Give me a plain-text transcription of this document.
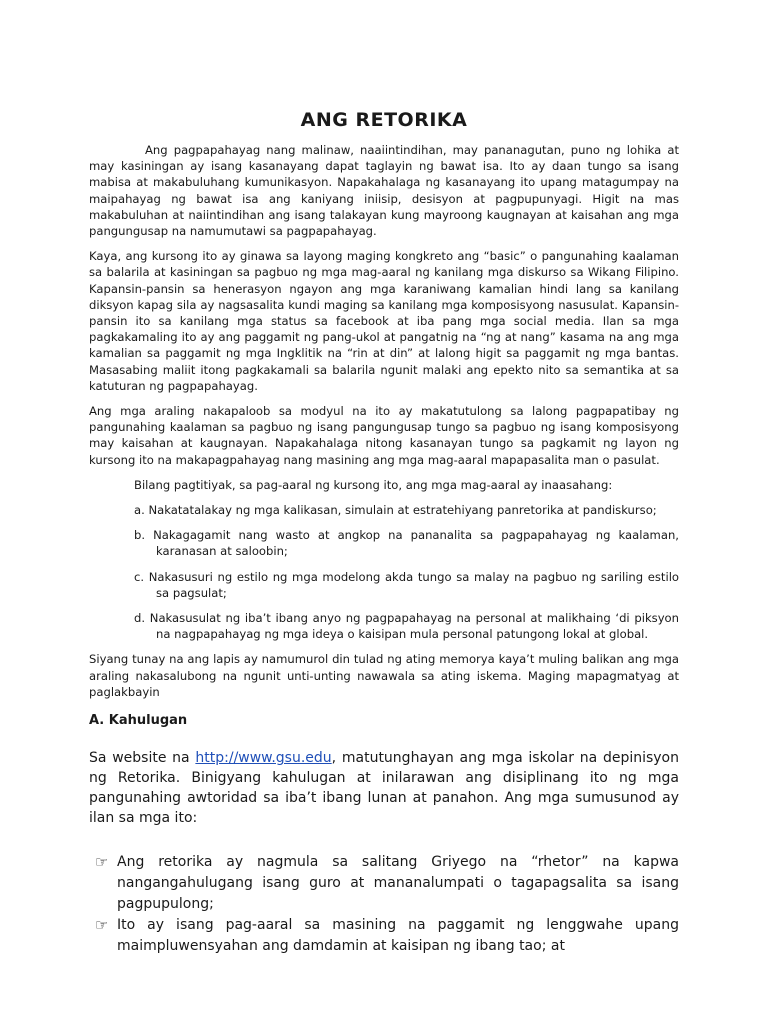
ANG RETORIKA

Ang pagpapahayag nang malinaw, naaiintindihan, may pananagutan, puno ng lohika at may kasiningan ay isang kasanayang dapat taglayin ng bawat isa. Ito ay daan tungo sa isang mabisa at makabuluhang kumunikasyon. Napakahalaga ng kasanayang ito upang matagumpay na maipahayag ng bawat isa ang kaniyang iniisip, desisyon at pagpupunyagi. Higit na mas makabuluhan at naiintindihan ang isang talakayan kung mayroong kaugnayan at kaisahan ang mga pangungusap na namumutawi sa pagpapahayag.

Kaya, ang kursong ito ay ginawa sa layong maging kongkreto ang “basic” o pangunahing kaalaman sa balarila at kasiningan sa pagbuo ng mga mag-aaral ng kanilang mga diskurso sa Wikang Filipino. Kapansin-pansin sa henerasyon ngayon ang mga karaniwang kamalian hindi lang sa kanilang diksyon kapag sila ay nagsasalita kundi maging sa kanilang mga komposisyong nasusulat. Kapansin-pansin ito sa kanilang mga status sa facebook at iba pang mga social media. Ilan sa mga pagkakamaling ito ay ang paggamit ng pang-ukol at pangatnig na “ng at nang” kasama na ang mga kamalian sa paggamit ng mga Ingklitik na “rin at din” at lalong higit sa paggamit ng mga bantas. Masasabing maliit itong pagkakamali sa balarila ngunit malaki ang epekto nito sa semantika at sa katuturan ng pagpapahayag.

Ang mga araling nakapaloob sa modyul na ito ay makatutulong sa lalong pagpapatibay ng pangunahing kaalaman sa pagbuo ng isang pangungusap tungo sa pagbuo ng isang komposisyong may kaisahan at kaugnayan. Napakahalaga nitong kasanayan tungo sa pagkamit ng layon ng kursong ito na makapagpahayag nang masining ang mga mag-aaral mapapasalita man o pasulat.

Bilang pagtitiyak, sa pag-aaral ng kursong ito, ang mga mag-aaral ay inaasahang:

a. Nakatatalakay ng mga kalikasan, simulain at estratehiyang panretorika at pandiskurso;
b. Nakagagamit nang wasto at angkop na pananalita sa pagpapahayag ng kaalaman, karanasan at saloobin;
c. Nakasusuri ng estilo ng mga modelong akda tungo sa malay na pagbuo ng sariling estilo sa pagsulat;
d. Nakasusulat ng iba’t ibang anyo ng pagpapahayag na personal at malikhaing ‘di piksyon na nagpapahayag ng mga ideya o kaisipan mula personal patungong lokal at global.

Siyang tunay na ang lapis ay namumurol din tulad ng ating memorya kaya’t muling balikan ang mga araling nakasalubong na ngunit unti-unting nawawala sa ating iskema. Maging mapagmatyag at paglakbayin

A. Kahulugan

Sa website na http://www.gsu.edu, matutunghayan ang mga iskolar na depinisyon ng Retorika. Binigyang kahulugan at inilarawan ang disiplinang ito ng mga pangunahing awtoridad sa iba’t ibang lunan at panahon. Ang mga sumusunod ay ilan sa mga ito:

☞ Ang retorika ay nagmula sa salitang Griyego na “rhetor” na kapwa nangangahulugang isang guro at mananalumpati o tagapagsalita sa isang pagpupulong;
☞ Ito ay isang pag-aaral sa masining na paggamit ng lenggwahe upang maimpluwensyahan ang damdamin at kaisipan ng ibang tao; at
